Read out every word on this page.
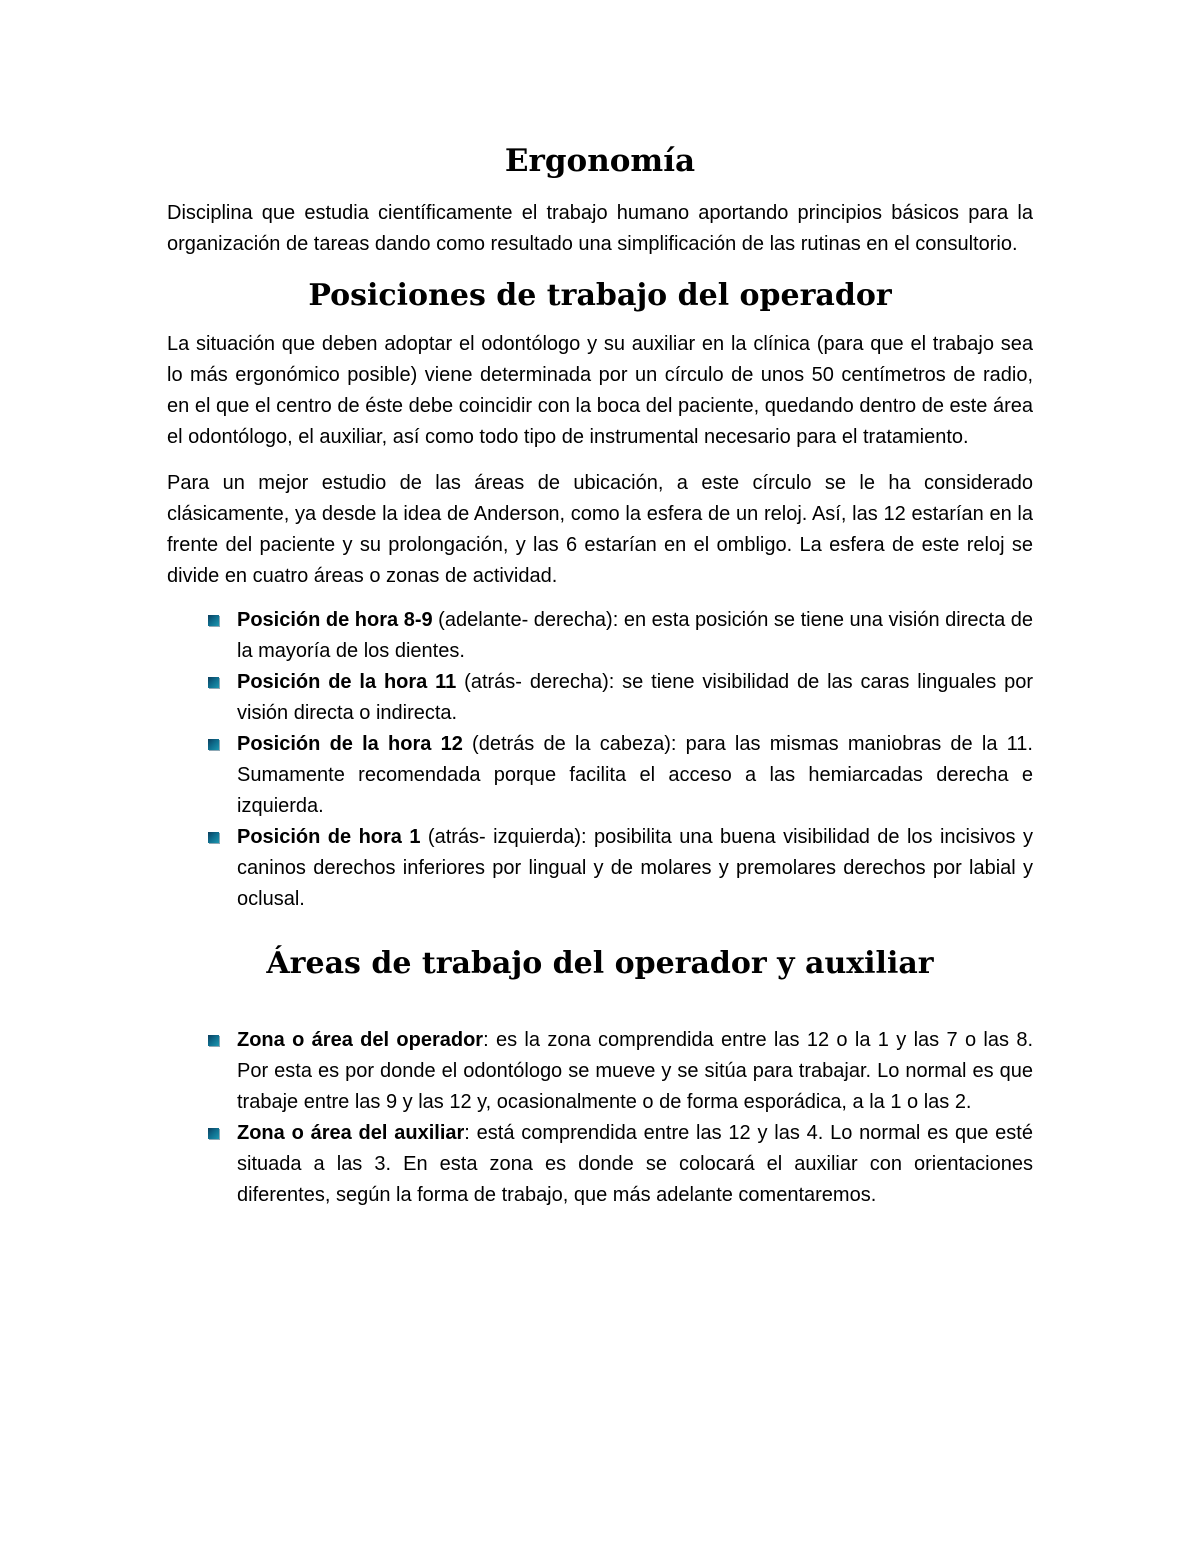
Ergonomía

Disciplina que estudia científicamente el trabajo humano aportando principios básicos para la organización de tareas dando como resultado una simplificación de las rutinas en el consultorio.

Posiciones de trabajo del operador

La situación que deben adoptar el odontólogo y su auxiliar en la clínica (para que el trabajo sea lo más ergonómico posible) viene determinada por un círculo de unos 50 centímetros de radio, en el que el centro de éste debe coincidir con la boca del paciente, quedando dentro de este área el odontólogo, el auxiliar, así como todo tipo de instrumental necesario para el tratamiento.

Para un mejor estudio de las áreas de ubicación, a este círculo se le ha considerado clásicamente, ya desde la idea de Anderson, como la esfera de un reloj. Así, las 12 estarían en la frente del paciente y su prolongación, y las 6 estarían en el ombligo. La esfera de este reloj se divide en cuatro áreas o zonas de actividad.

Posición de hora 8-9 (adelante- derecha): en esta posición se tiene una visión directa de la mayoría de los dientes.
Posición de la hora 11 (atrás- derecha): se tiene visibilidad de las caras linguales por visión directa o indirecta.
Posición de la hora 12 (detrás de la cabeza): para las mismas maniobras de la 11. Sumamente recomendada porque facilita el acceso a las hemiarcadas derecha e izquierda.
Posición de hora 1 (atrás- izquierda): posibilita una buena visibilidad de los incisivos y caninos derechos inferiores por lingual y de molares y premolares derechos por labial y oclusal.
Áreas de trabajo del operador y auxiliar
Zona o área del operador: es la zona comprendida entre las 12 o la 1 y las 7 o las 8. Por esta es por donde el odontólogo se mueve y se sitúa para trabajar. Lo normal es que trabaje entre las 9 y las 12 y, ocasionalmente o de forma esporádica, a la 1 o las 2.
Zona o área del auxiliar: está comprendida entre las 12 y las 4. Lo normal es que esté situada a las 3. En esta zona es donde se colocará el auxiliar con orientaciones diferentes, según la forma de trabajo, que más adelante comentaremos.
